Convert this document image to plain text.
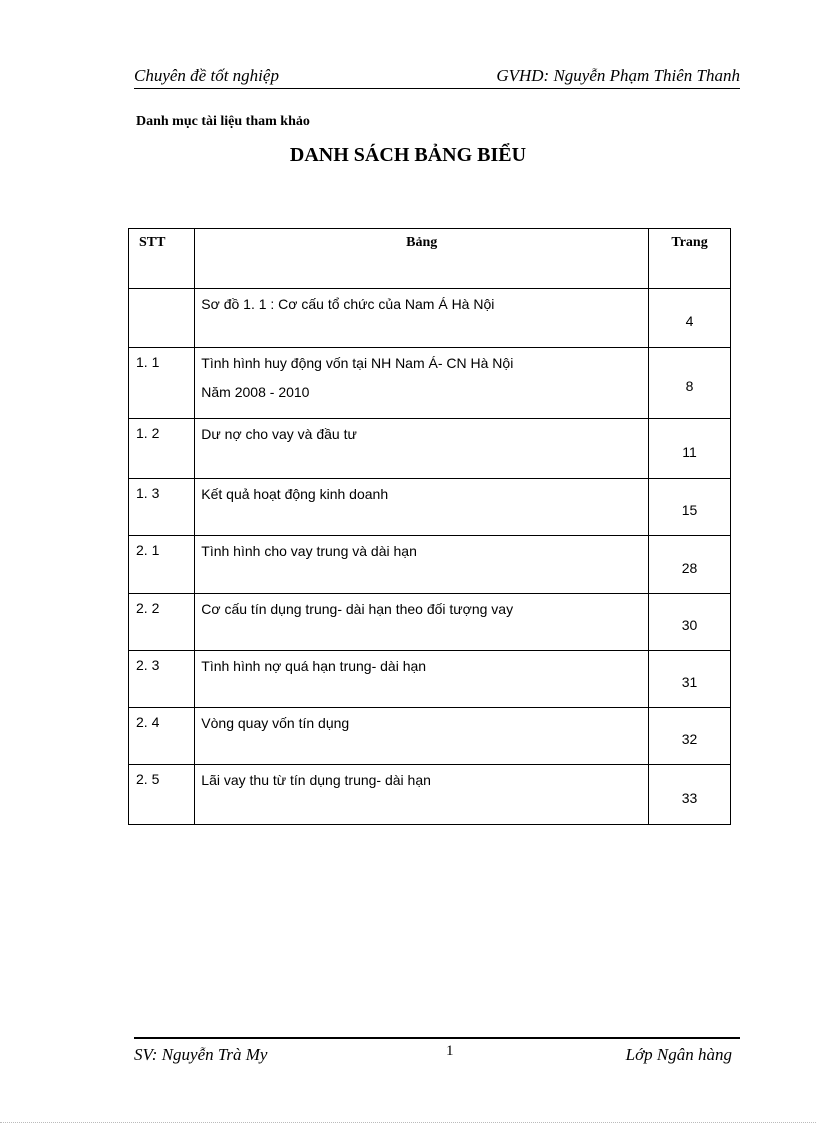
Chuyên đề tốt nghiệp	GVHD: Nguyễn Phạm Thiên Thanh
Danh mục tài liệu tham khảo
DANH SÁCH BẢNG BIỂU
STT	Bảng	Trang

	Sơ đồ 1. 1 : Cơ cấu tổ chức của Nam Á Hà Nội	4
1. 1	Tình hình huy động vốn tại NH Nam Á- CN Hà Nội
Năm 2008 - 2010	8
1. 2	Dư nợ cho vay và đầu tư	11
1. 3	Kết quả hoạt động kinh doanh	15
2. 1	Tình hình cho vay trung và dài hạn	28
2. 2	Cơ cấu tín dụng trung- dài hạn theo đối tượng vay	30
2. 3	Tình hình nợ quá hạn trung- dài hạn	31
2. 4	Vòng quay vốn tín dụng	32
2. 5	Lãi vay thu từ tín dụng trung- dài hạn	33
SV: Nguyễn Trà My	1	Lớp Ngân hàng
